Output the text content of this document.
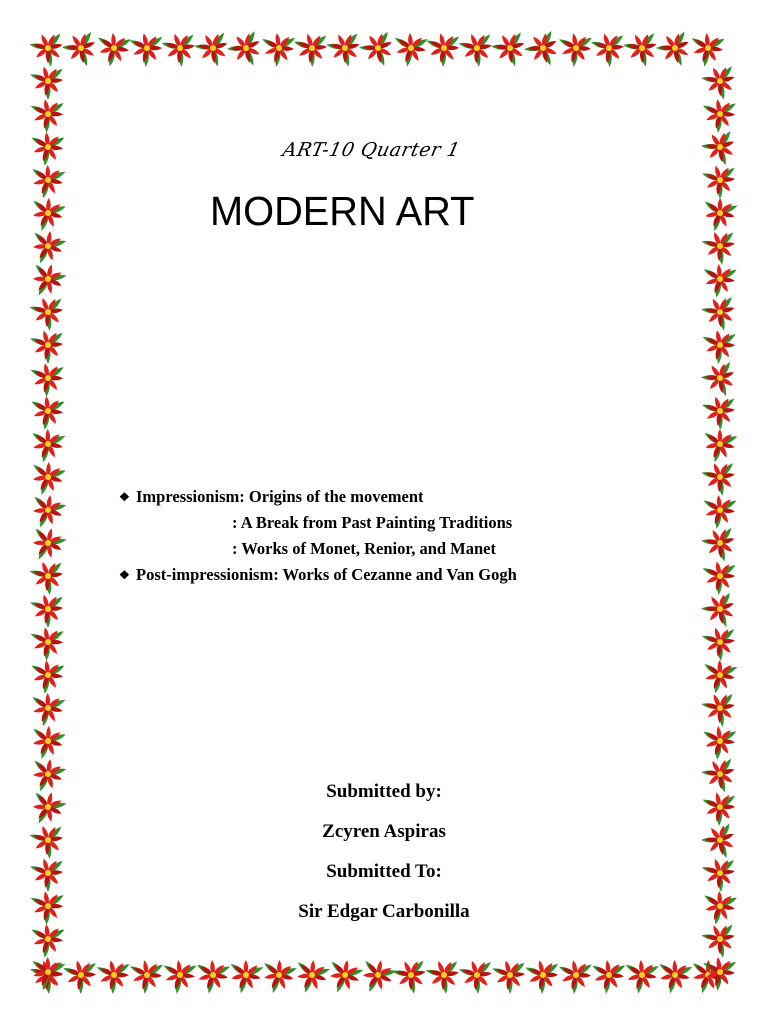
ART-10 Quarter 1
MODERN ART
❖ Impressionism: Origins of the movement
: A Break from Past Painting Traditions
: Works of Monet, Renior, and Manet
❖ Post-impressionism: Works of Cezanne and Van Gogh
Submitted by:
Zcyren Aspiras
Submitted To:
Sir Edgar Carbonilla
